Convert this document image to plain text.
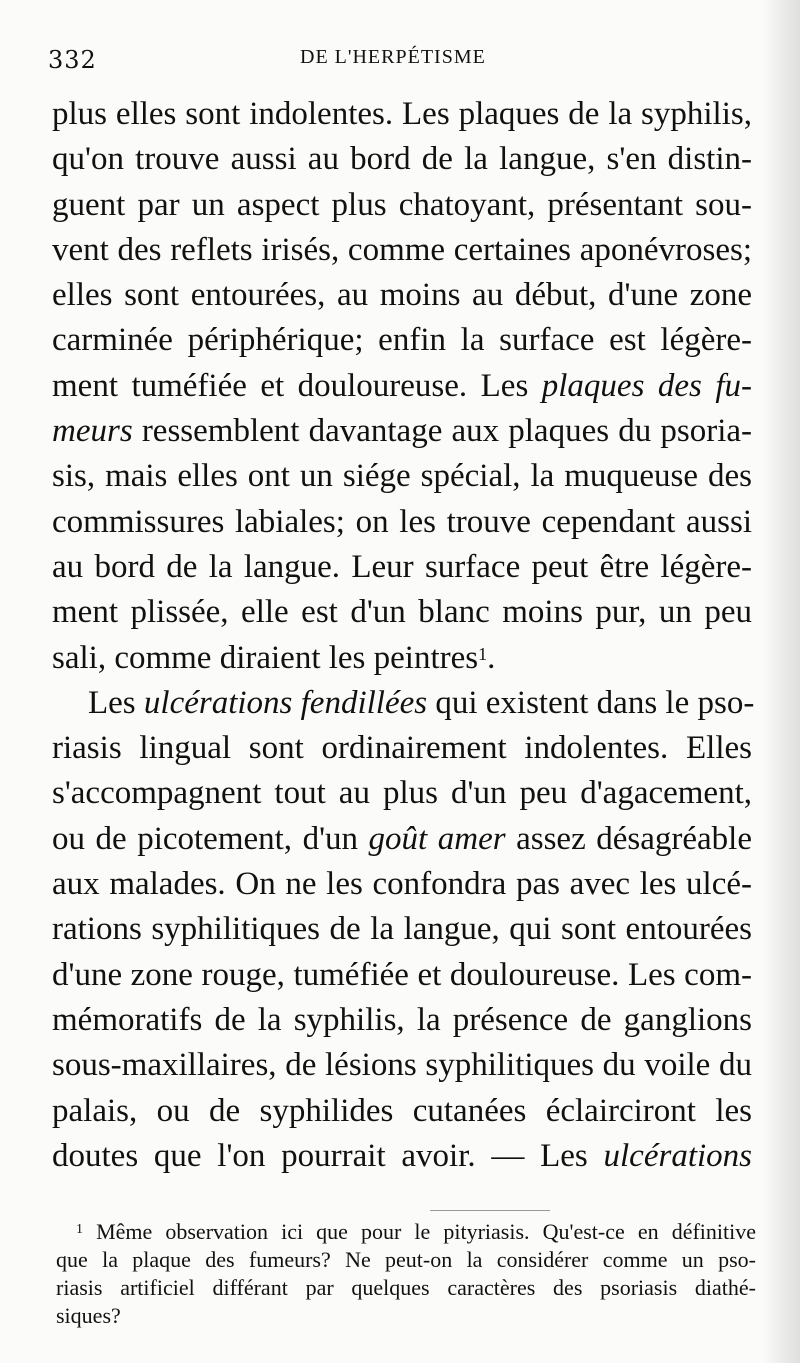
332	DE L'HERPÉTISME
plus elles sont indolentes. Les plaques de la syphilis,
qu'on trouve aussi au bord de la langue, s'en distin-
guent par un aspect plus chatoyant, présentant sou-
vent des reflets irisés, comme certaines aponévroses;
elles sont entourées, au moins au début, d'une zone
carminée périphérique; enfin la surface est légère-
ment tuméfiée et douloureuse. Les plaques des fu-
meurs ressemblent davantage aux plaques du psoria-
sis, mais elles ont un siége spécial, la muqueuse des
commissures labiales; on les trouve cependant aussi
au bord de la langue. Leur surface peut être légère-
ment plissée, elle est d'un blanc moins pur, un peu
sali, comme diraient les peintres$^1$.
Les ulcérations fendillées qui existent dans le pso-
riasis lingual sont ordinairement indolentes. Elles
s'accompagnent tout au plus d'un peu d'agacement,
ou de picotement, d'un goût amer assez désagréable
aux malades. On ne les confondra pas avec les ulcé-
rations syphilitiques de la langue, qui sont entourées
d'une zone rouge, tuméfiée et douloureuse. Les com-
mémoratifs de la syphilis, la présence de ganglions
sous-maxillaires, de lésions syphilitiques du voile du
palais, ou de syphilides cutanées éclairciront les
doutes que l'on pourrait avoir. — Les ulcérations
$^1$ Même observation ici que pour le pityriasis. Qu'est-ce en définitive
que la plaque des fumeurs? Ne peut-on la considérer comme un pso-
riasis artificiel différant par quelques caractères des psoriasis diathé-
siques?
